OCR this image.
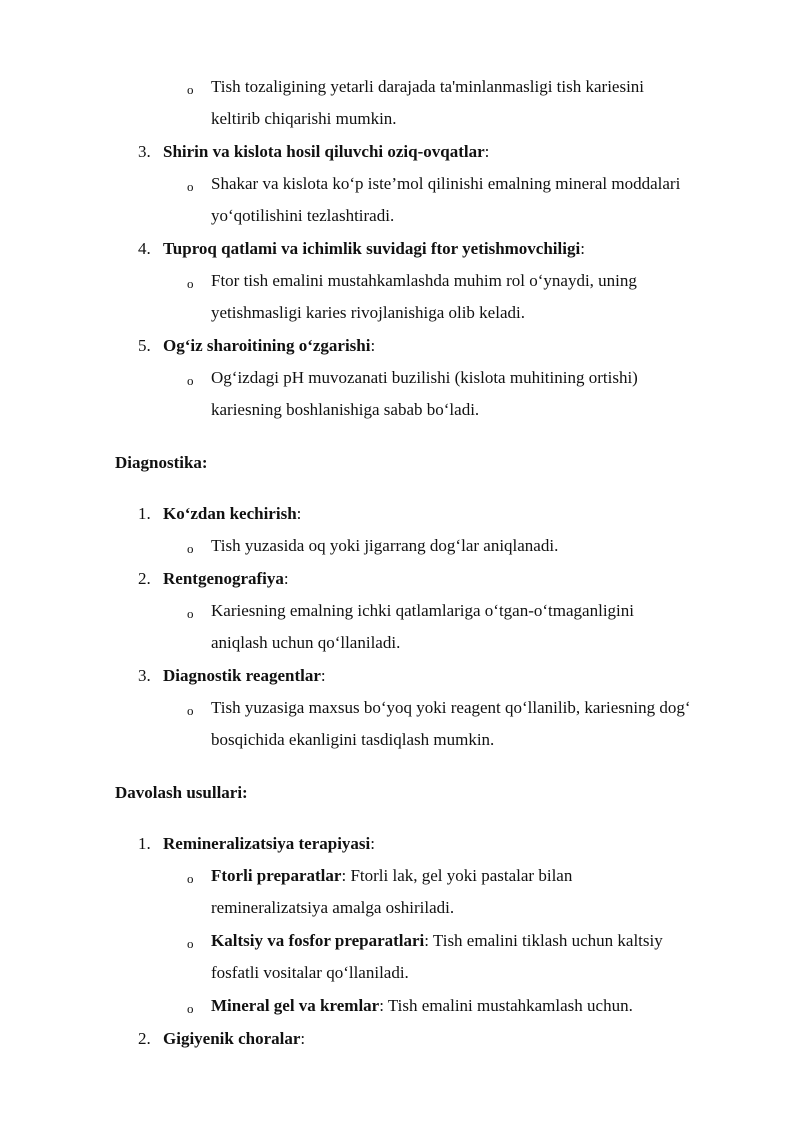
o Tish tozaligining yetarli darajada ta'minlanmasligi tish kariesini
keltirib chiqarishi mumkin.
3. Shirin va kislota hosil qiluvchi oziq-ovqatlar:
o Shakar va kislota ko‘p iste’mol qilinishi emalning mineral moddalari
yo‘qotilishini tezlashtiradi.
4. Tuproq qatlami va ichimlik suvidagi ftor yetishmovchiligi:
o Ftor tish emalini mustahkamlashda muhim rol o‘ynaydi, uning
yetishmasligi karies rivojlanishiga olib keladi.
5. Og‘iz sharoitining o‘zgarishi:
o Og‘izdagi pH muvozanati buzilishi (kislota muhitining ortishi)
kariesning boshlanishiga sabab bo‘ladi.
Diagnostika:
1. Ko‘zdan kechirish:
o Tish yuzasida oq yoki jigarrang dog‘lar aniqlanadi.
2. Rentgenografiya:
o Kariesning emalning ichki qatlamlariga o‘tgan-o‘tmaganligini
aniqlash uchun qo‘llaniladi.
3. Diagnostik reagentlar:
o Tish yuzasiga maxsus bo‘yoq yoki reagent qo‘llanilib, kariesning dog‘
bosqichida ekanligini tasdiqlash mumkin.
Davolash usullari:
1. Remineralizatsiya terapiyasi:
o Ftorli preparatlar: Ftorli lak, gel yoki pastalar bilan
remineralizatsiya amalga oshiriladi.
o Kaltsiy va fosfor preparatlari: Tish emalini tiklash uchun kaltsiy
fosfatli vositalar qo‘llaniladi.
o Mineral gel va kremlar: Tish emalini mustahkamlash uchun.
2. Gigiyenik choralar:
